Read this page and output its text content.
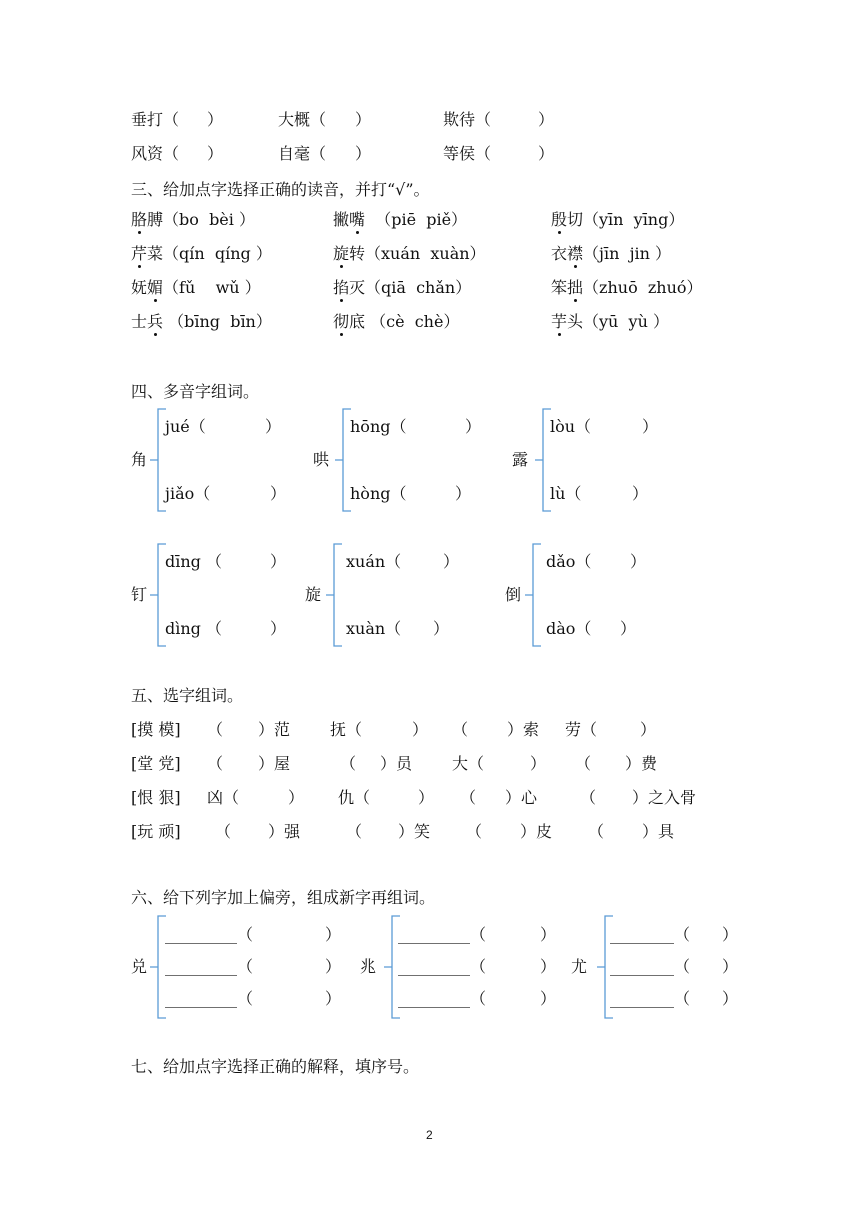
垂打（ ）	大概（ ）	欺待（	）
风资（ ）	自毫（ ）	等侯（	）
三、给加点字选择正确的读音，并打“√”。
胳膊（bo  bèi ）	撇嘴  （piē  piě）	殷切（yīn  yīng）
芹菜（qín  qíng ）	旋转（xuán  xuàn）	衣襟（jīn  jin ）
妩媚（fǔ    wǔ ）	掐灭（qiā  chǎn）	笨拙（zhuō  zhuó）
士兵 （bīng  bīn）	彻底 （cè  chè）	芋头（yū  yù ）
四、多音字组词。
角
jué（	）
jiǎo（	）
哄
hōng（	）
hòng（	）
露
lòu（	）
lù（	）
钉
dīng （	）
dìng （	）
旋
xuán（	）
xuàn（ ）
倒
dǎo（ ）
dào（ ）
五、选字组词。
[摸 模] （ ）范 抚（	） （ ）索 劳（	）
[堂 党] （ ）屋	（ ）员 大（	） （ ）费
[恨 狠] 凶（	） 仇（	） （ ）心	（ ）之入骨
[玩 顽] （ ）强	（ ）笑 （ ）皮 （ ）具
六、给下列字加上偏旁，组成新字再组词。
兑
_________（	）
_________（	）
_________（	）
兆
_________（	）
_________（	）
_________（	）
尤
________（ ）
________（ ）
________（ ）
七、给加点字选择正确的解释，填序号。
2
